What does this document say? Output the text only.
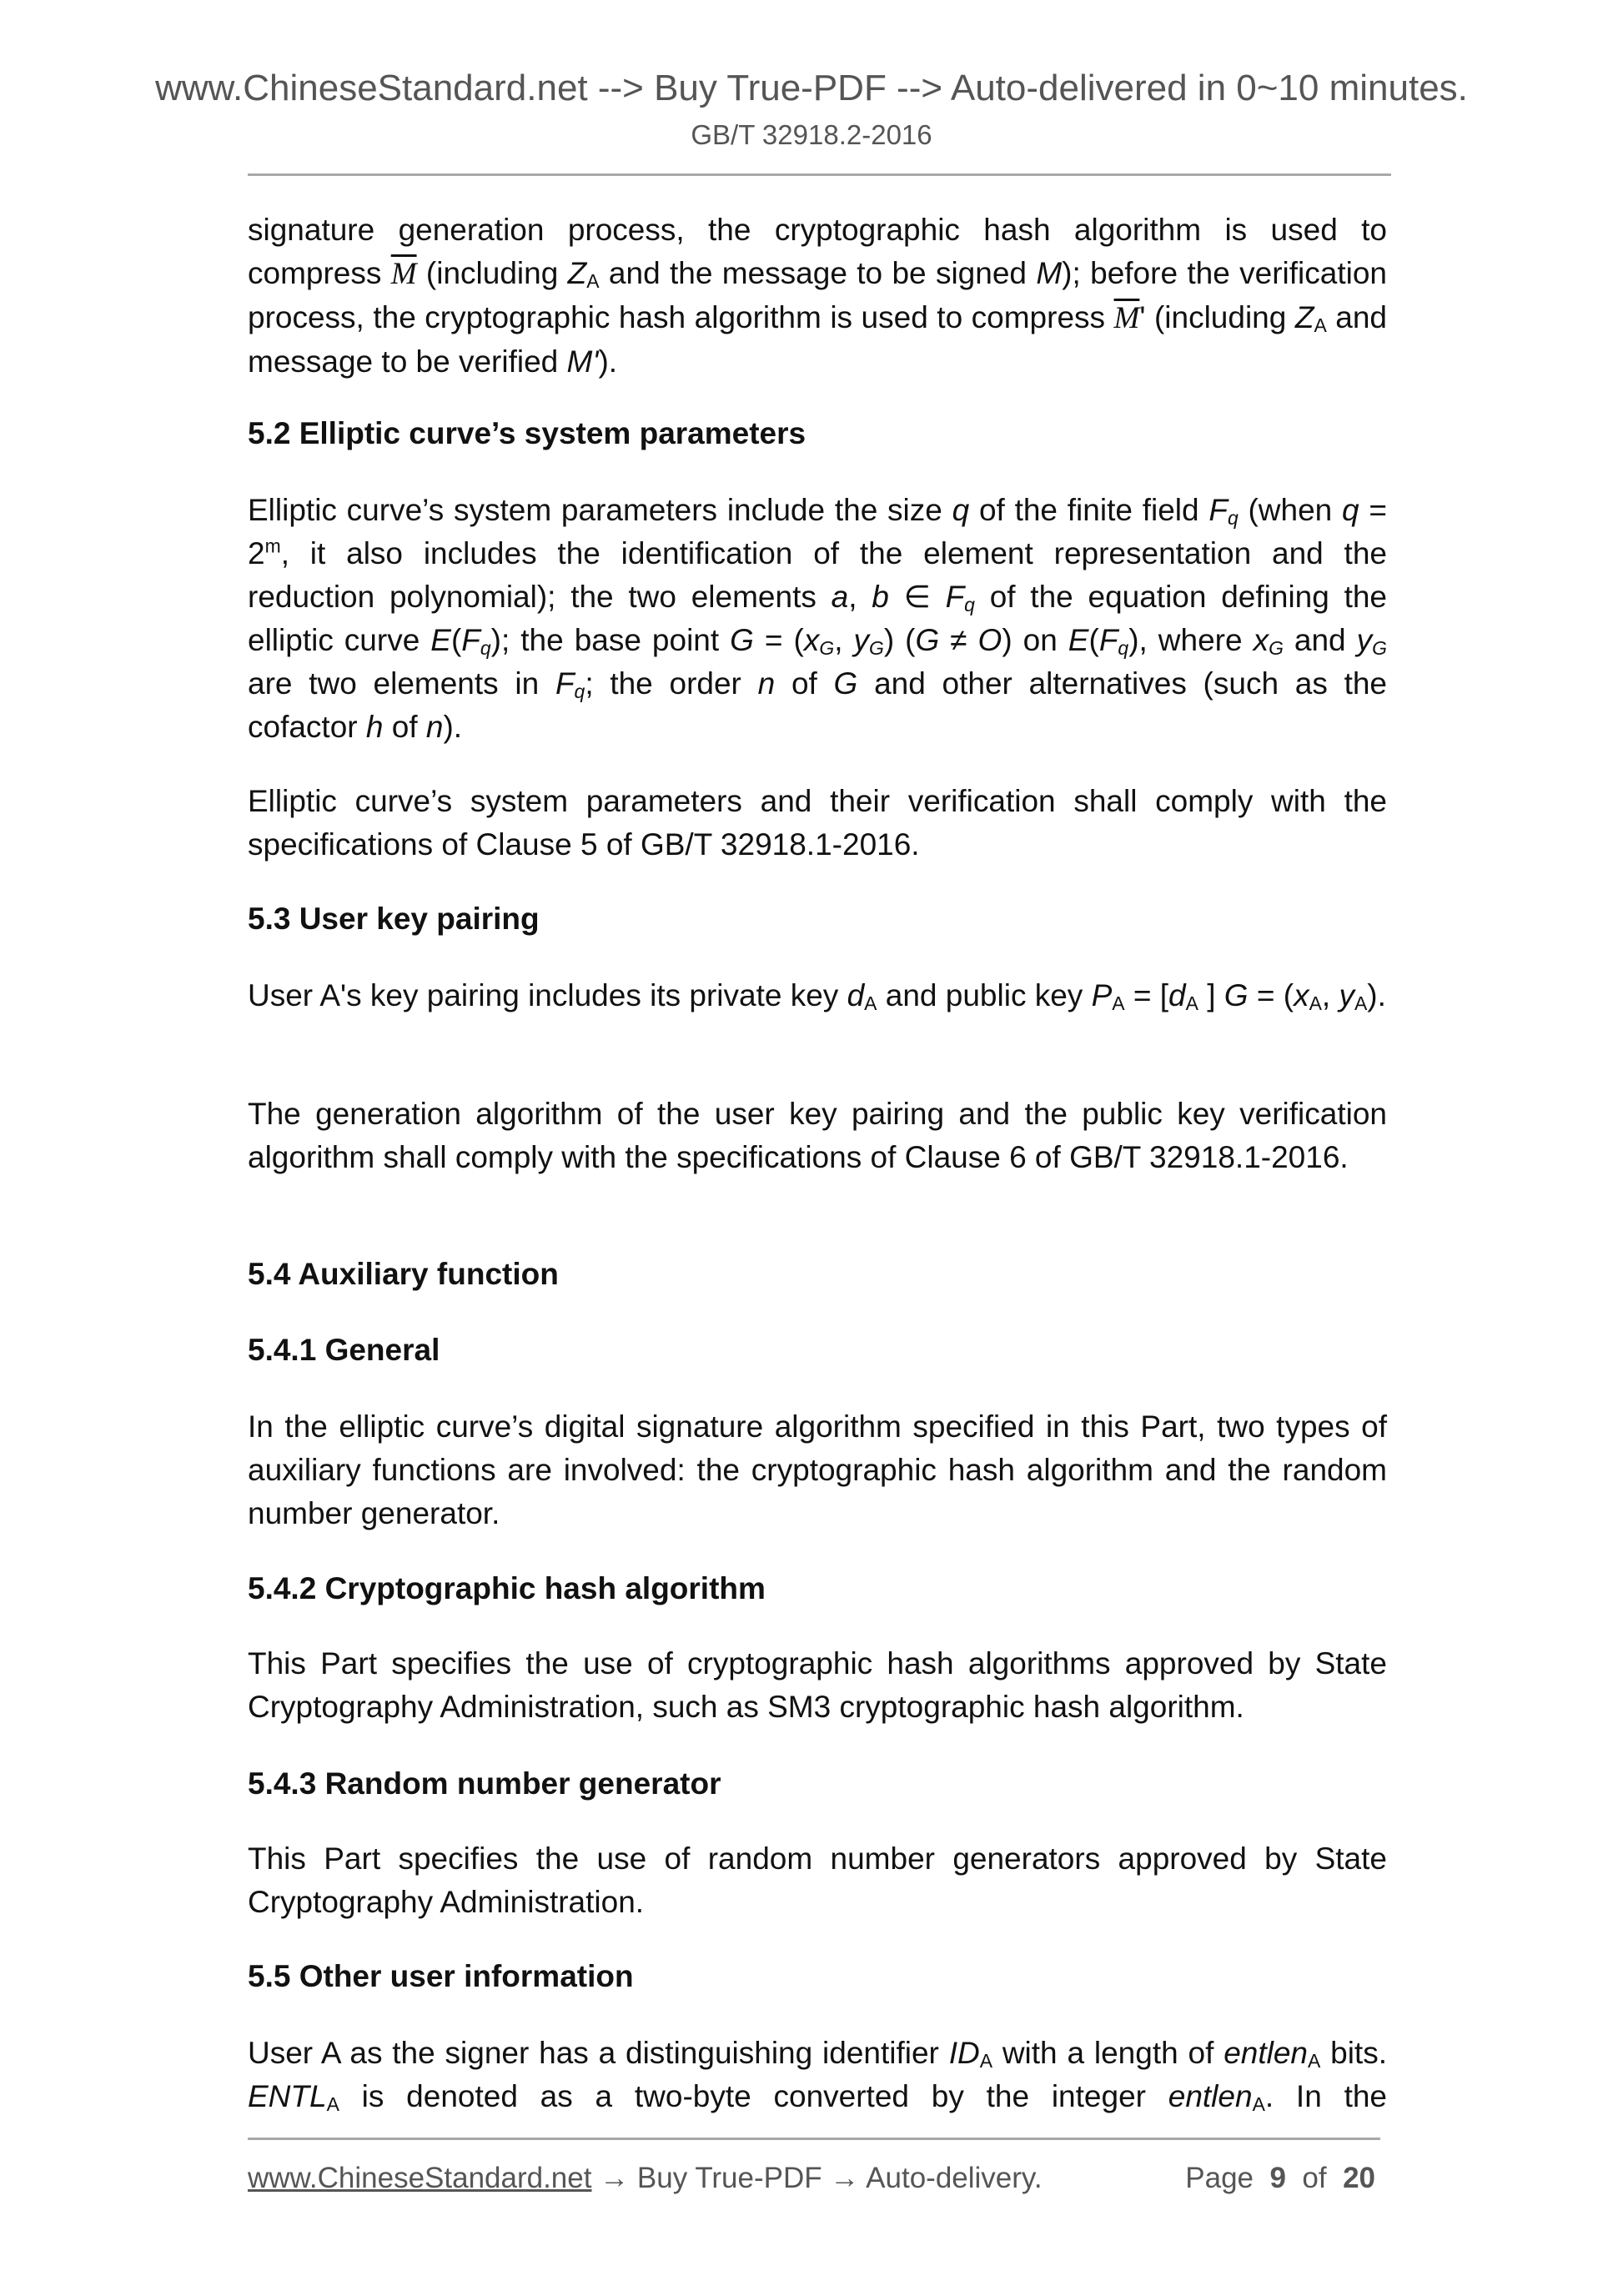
www.ChineseStandard.net --> Buy True-PDF --> Auto-delivered in 0~10 minutes.
GB/T 32918.2-2016
signature generation process, the cryptographic hash algorithm is used to compress $\overline{M}$ (including $Z_A$ and the message to be signed M); before the verification process, the cryptographic hash algorithm is used to compress $\overline{M}'$ (including $Z_A$ and message to be verified M').
5.2 Elliptic curve’s system parameters
Elliptic curve’s system parameters include the size q of the finite field $F_q$ (when $q = 2^m$, it also includes the identification of the element representation and the reduction polynomial); the two elements a, b ∈ $F_q$ of the equation defining the elliptic curve $E(F_q)$; the base point $G = (x_G$, $y_G$) (G ≠ O) on $E(F_q)$, where $x_G$ and $y_G$ are two elements in $F_q$; the order n of G and other alternatives (such as the cofactor h of n).
Elliptic curve’s system parameters and their verification shall comply with the specifications of Clause 5 of GB/T 32918.1-2016.
5.3 User key pairing
User A's key pairing includes its private key $d_A$ and public key $P_A = [d_A$ ] $G = (x_A$, $y_A$).
The generation algorithm of the user key pairing and the public key verification algorithm shall comply with the specifications of Clause 6 of GB/T 32918.1-2016.
5.4 Auxiliary function
5.4.1 General
In the elliptic curve’s digital signature algorithm specified in this Part, two types of auxiliary functions are involved: the cryptographic hash algorithm and the random number generator.
5.4.2 Cryptographic hash algorithm
This Part specifies the use of cryptographic hash algorithms approved by State Cryptography Administration, such as SM3 cryptographic hash algorithm.
5.4.3 Random number generator
This Part specifies the use of random number generators approved by State Cryptography Administration.
5.5 Other user information
User A as the signer has a distinguishing identifier $ID_A$ with a length of entlen$_A$ bits. $ENTL_A$ is denoted as a two-byte converted by the integer entlen$_A$. In the
www.ChineseStandard.net → Buy True-PDF → Auto-delivery.	Page 9 of 20
